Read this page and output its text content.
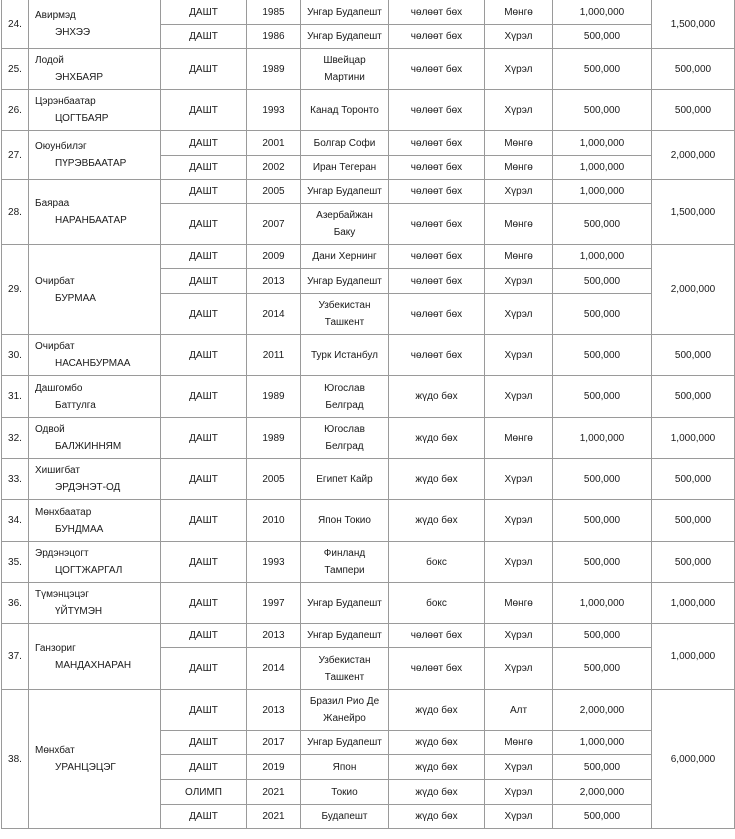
24.	Авирмэд
ЭНХЭЭ	ДАШТ	1985	Унгар Будапешт	чөлөөт бөх	Мөнгө	1,000,000	1,500,000
		ДАШТ	1986	Унгар Будапешт	чөлөөт бөх	Хүрэл	500,000	
25.	Лодой
ЭНХБАЯР	ДАШТ	1989	Швейцар
Мартини	чөлөөт бөх	Хүрэл	500,000	500,000
26.	Цэрэнбаатар
ЦОГТБАЯР	ДАШТ	1993	Канад Торонто	чөлөөт бөх	Хүрэл	500,000	500,000
27.	Оюунбилэг
ПҮРЭВБААТАР	ДАШТ	2001	Болгар Софи	чөлөөт бөх	Мөнгө	1,000,000	2,000,000
		ДАШТ	2002	Иран Тегеран	чөлөөт бөх	Мөнгө	1,000,000	
28.	Баяраа
НАРАНБААТАР	ДАШТ	2005	Унгар Будапешт	чөлөөт бөх	Хүрэл	1,000,000	1,500,000
		ДАШТ	2007	Азербайжан
Баку	чөлөөт бөх	Мөнгө	500,000	
29.	Очирбат
БУРМАА	ДАШТ	2009	Дани Хернинг	чөлөөт бөх	Мөнгө	1,000,000	2,000,000
		ДАШТ	2013	Унгар Будапешт	чөлөөт бөх	Хүрэл	500,000	
		ДАШТ	2014	Узбекистан
Ташкент	чөлөөт бөх	Хүрэл	500,000	
30.	Очирбат
НАСАНБУРМАА	ДАШТ	2011	Турк Истанбул	чөлөөт бөх	Хүрэл	500,000	500,000
31.	Дашгомбо
Баттулга	ДАШТ	1989	Югослав
Белград	жүдо бөх	Хүрэл	500,000	500,000
32.	Одвой
БАЛЖИННЯМ	ДАШТ	1989	Югослав
Белград	жүдо бөх	Мөнгө	1,000,000	1,000,000
33.	Хишигбат
ЭРДЭНЭТ-ОД	ДАШТ	2005	Египет Кайр	жүдо бөх	Хүрэл	500,000	500,000
34.	Мөнхбаатар
БУНДМАА	ДАШТ	2010	Япон Токио	жүдо бөх	Хүрэл	500,000	500,000
35.	Эрдэнэцогт
ЦОГТЖАРГАЛ	ДАШТ	1993	Финланд
Тампери	бокс	Хүрэл	500,000	500,000
36.	Түмэнцэцэг
ҮЙТҮМЭН	ДАШТ	1997	Унгар Будапешт	бокс	Мөнгө	1,000,000	1,000,000
37.	Ганзориг
МАНДАХНАРАН	ДАШТ	2013	Унгар Будапешт	чөлөөт бөх	Хүрэл	500,000	1,000,000
		ДАШТ	2014	Узбекистан
Ташкент	чөлөөт бөх	Хүрэл	500,000	
38.	Мөнхбат
УРАНЦЭЦЭГ	ДАШТ	2013	Бразил Рио Де
Жанейро	жүдо бөх	Алт	2,000,000	6,000,000
		ДАШТ	2017	Унгар Будапешт	жүдо бөх	Мөнгө	1,000,000	
		ДАШТ	2019	Япон	жүдо бөх	Хүрэл	500,000	
		ОЛИМП	2021	Токио	жүдо бөх	Хүрэл	2,000,000	
		ДАШТ	2021	Будапешт	жүдо бөх	Хүрэл	500,000	
